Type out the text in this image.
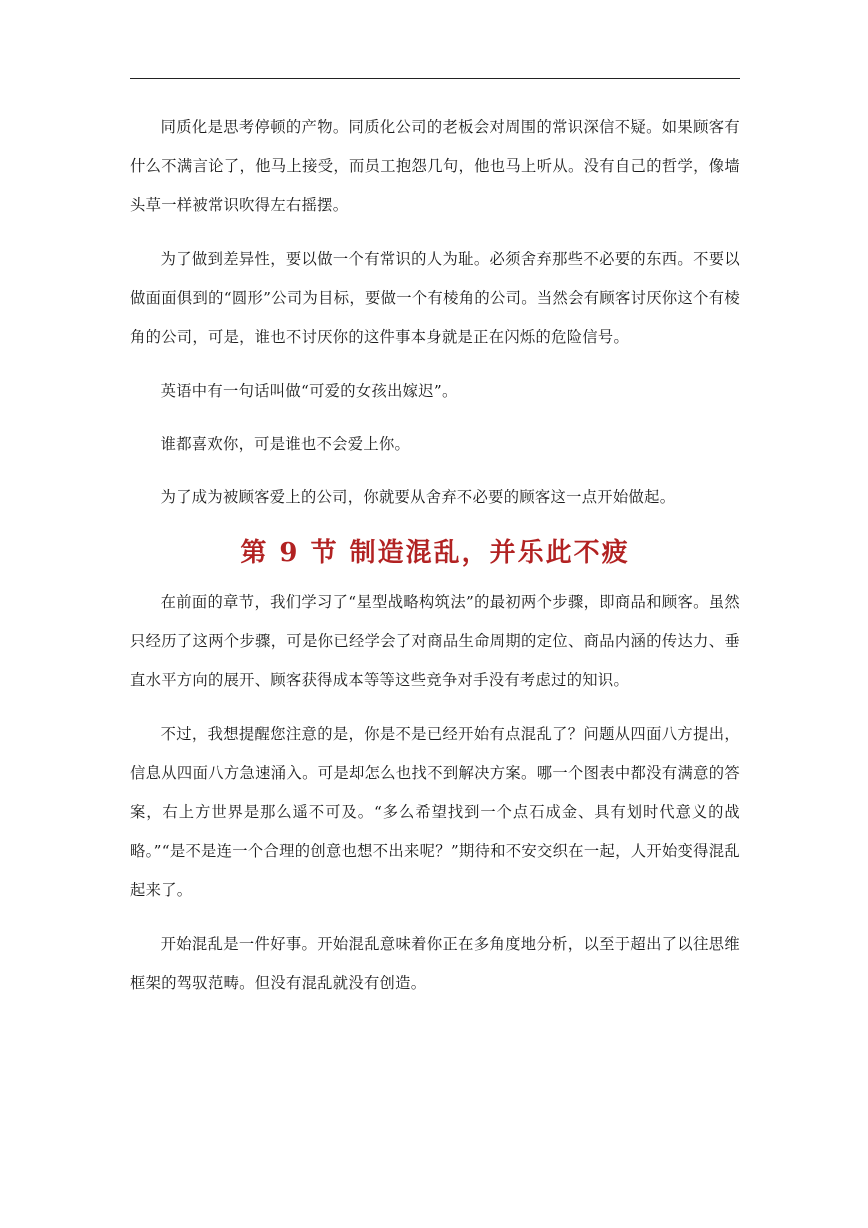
同质化是思考停顿的产物。同质化公司的老板会对周围的常识深信不疑。如果顾客有什么不满言论了，他马上接受，而员工抱怨几句，他也马上听从。没有自己的哲学，像墙头草一样被常识吹得左右摇摆。

为了做到差异性，要以做一个有常识的人为耻。必须舍弃那些不必要的东西。不要以做面面俱到的“圆形”公司为目标，要做一个有棱角的公司。当然会有顾客讨厌你这个有棱角的公司，可是，谁也不讨厌你的这件事本身就是正在闪烁的危险信号。

英语中有一句话叫做“可爱的女孩出嫁迟”。

谁都喜欢你，可是谁也不会爱上你。

为了成为被顾客爱上的公司，你就要从舍弃不必要的顾客这一点开始做起。

第 9 节 制造混乱，并乐此不疲

在前面的章节，我们学习了“星型战略构筑法”的最初两个步骤，即商品和顾客。虽然只经历了这两个步骤，可是你已经学会了对商品生命周期的定位、商品内涵的传达力、垂直水平方向的展开、顾客获得成本等等这些竞争对手没有考虑过的知识。

不过，我想提醒您注意的是，你是不是已经开始有点混乱了？问题从四面八方提出，信息从四面八方急速涌入。可是却怎么也找不到解决方案。哪一个图表中都没有满意的答案，右上方世界是那么遥不可及。“多么希望找到一个点石成金、具有划时代意义的战略。”“是不是连一个合理的创意也想不出来呢？”期待和不安交织在一起，人开始变得混乱起来了。

开始混乱是一件好事。开始混乱意味着你正在多角度地分析，以至于超出了以往思维框架的驾驭范畴。但没有混乱就没有创造。
